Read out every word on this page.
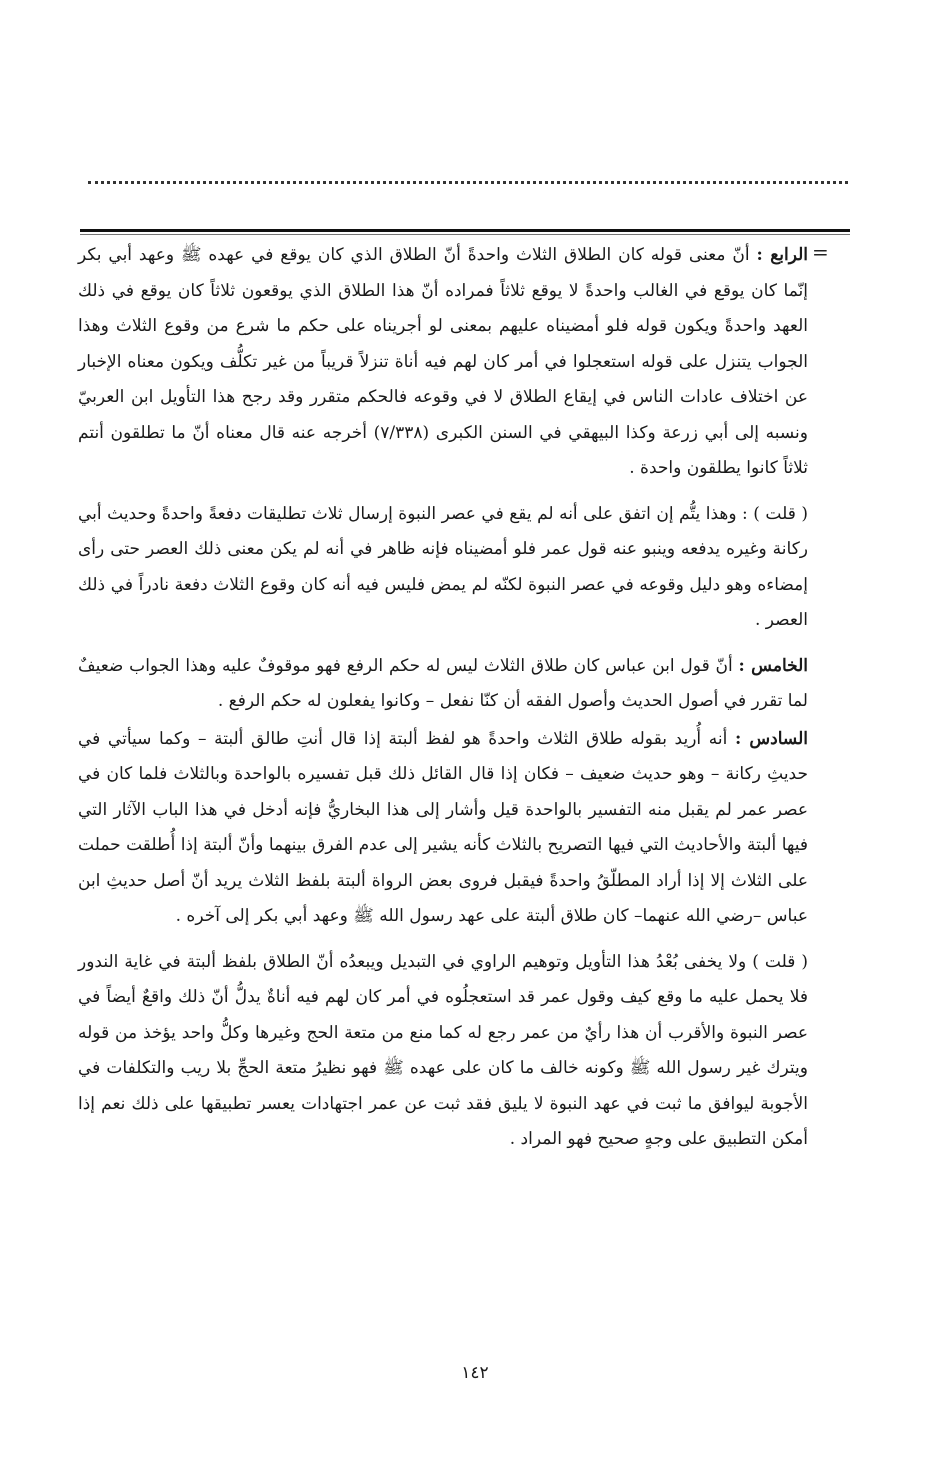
=

الرابع : أنّ معنى قوله كان الطلاق الثلاث واحدةً أنّ الطلاق الذي كان يوقع في عهده ﷺ وعهد أبي بكر إنّما كان يوقع في الغالب واحدةً لا يوقع ثلاثاً فمراده أنّ هذا الطلاق الذي يوقعون ثلاثاً كان يوقع في ذلك العهد واحدةً ويكون قوله فلو أمضيناه عليهم بمعنى لو أجريناه على حكم ما شرع من وقوع الثلاث وهذا الجواب يتنزل على قوله استعجلوا في أمر كان لهم فيه أناة تنزلاً قريباً من غير تكلُّف ويكون معناه الإخبار عن اختلاف عادات الناس في إيقاع الطلاق لا في وقوعه فالحكم متقرر وقد رجح هذا التأويل ابن العربيّ ونسبه إلى أبي زرعة وكذا البيهقي في السنن الكبرى (٧/٣٣٨) أخرجه عنه قال معناه أنّ ما تطلقون أنتم ثلاثاً كانوا يطلقون واحدة .

( قلت ) : وهذا يتُّم إن اتفق على أنه لم يقع في عصر النبوة إرسال ثلاث تطليقات دفعةً واحدةً وحديث أبي ركانة وغيره يدفعه وينبو عنه قول عمر فلو أمضيناه فإنه ظاهر في أنه لم يكن معنى ذلك العصر حتى رأى إمضاءه وهو دليل وقوعه في عصر النبوة لكنّه لم يمض فليس فيه أنه كان وقوع الثلاث دفعة نادراً في ذلك العصر .

الخامس : أنّ قول ابن عباس كان طلاق الثلاث ليس له حكم الرفع فهو موقوفٌ عليه وهذا الجواب ضعيفٌ لما تقرر في أصول الحديث وأصول الفقه أن كنّا نفعل – وكانوا يفعلون له حكم الرفع .

السادس : أنه أُريد بقوله طلاق الثلاث واحدةً هو لفظ ألبتة إذا قال أنتِ طالق ألبتة – وكما سيأتي في حديثِ ركانة – وهو حديث ضعيف – فكان إذا قال القائل ذلك قبل تفسيره بالواحدة وبالثلاث فلما كان في عصر عمر لم يقبل منه التفسير بالواحدة قيل وأشار إلى هذا البخاريُّ فإنه أدخل في هذا الباب الآثار التي فيها ألبتة والأحاديث التي فيها التصريح بالثلاث كأنه يشير إلى عدم الفرق بينهما وأنّ ألبتة إذا أُطلقت حملت على الثلاث إلا إذا أراد المطلّقُ واحدةً فيقبل فروى بعض الرواة ألبتة بلفظ الثلاث يريد أنّ أصل حديثِ ابن عباس –رضي الله عنهما– كان طلاق ألبتة على عهد رسول الله ﷺ وعهد أبي بكر إلى آخره .

( قلت ) ولا يخفى بُعْدُ هذا التأويل وتوهيم الراوي في التبديل ويبعدُه أنّ الطلاق بلفظ ألبتة في غاية الندور فلا يحمل عليه ما وقع كيف وقول عمر قد استعجلُوه في أمر كان لهم فيه أناةٌ يدلُّ أنّ ذلك واقعٌ أيضاً في عصر النبوة والأقرب أن هذا رأيٌ من عمر رجع له كما منع من متعة الحج وغيرها وكلُّ واحد يؤخذ من قوله ويترك غير رسول الله ﷺ وكونه خالف ما كان على عهده ﷺ فهو نظيرُ متعة الحجِّ بلا ريب والتكلفات في الأجوبة ليوافق ما ثبت في عهد النبوة لا يليق فقد ثبت عن عمر اجتهادات يعسر تطبيقها على ذلك نعم إذا أمكن التطبيق على وجهٍ صحيح فهو المراد .

١٤٢
